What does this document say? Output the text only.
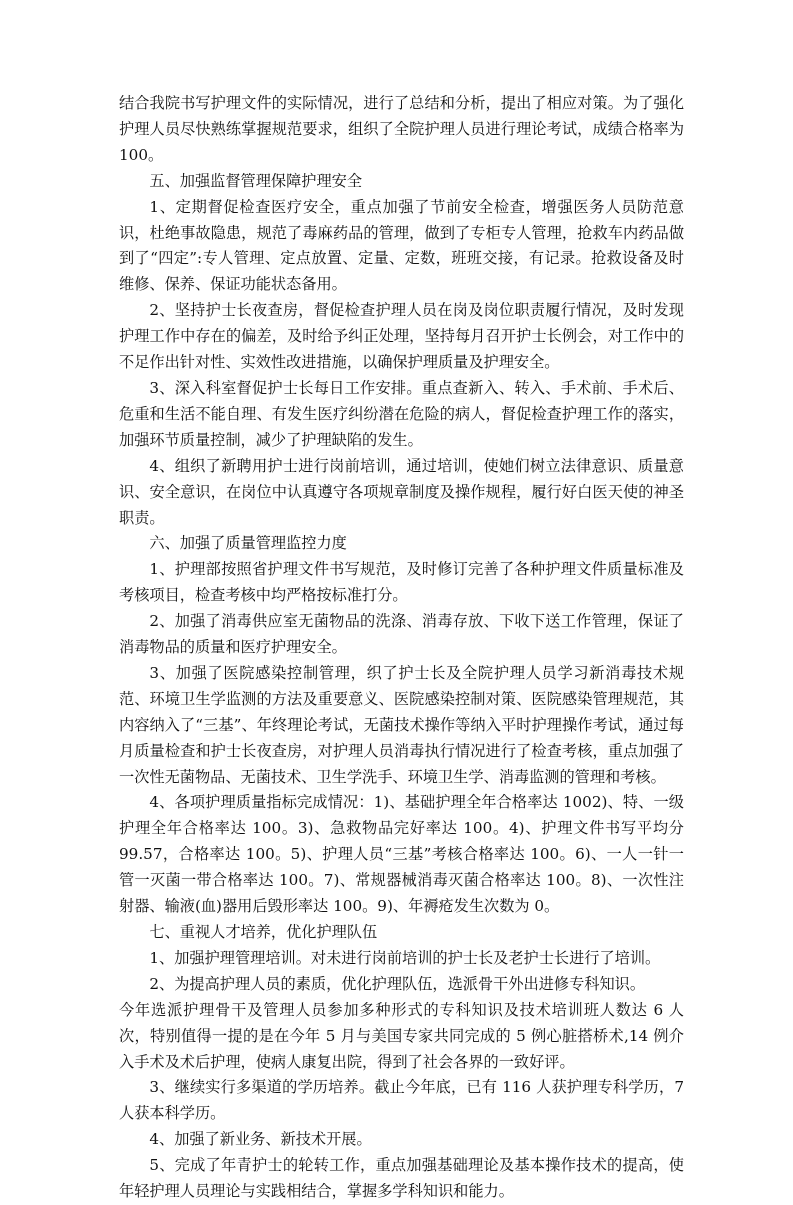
结合我院书写护理文件的实际情况，进行了总结和分析，提出了相应对策。为了强化护理人员尽快熟练掌握规范要求，组织了全院护理人员进行理论考试，成绩合格率为 100。

五、加强监督管理保障护理安全

1、定期督促检查医疗安全，重点加强了节前安全检查，增强医务人员防范意识，杜绝事故隐患，规范了毒麻药品的管理，做到了专柜专人管理，抢救车内药品做到了“四定”:专人管理、定点放置、定量、定数，班班交接，有记录。抢救设备及时维修、保养、保证功能状态备用。

2、坚持护士长夜查房，督促检查护理人员在岗及岗位职责履行情况，及时发现护理工作中存在的偏差，及时给予纠正处理，坚持每月召开护士长例会，对工作中的不足作出针对性、实效性改进措施，以确保护理质量及护理安全。

3、深入科室督促护士长每日工作安排。重点查新入、转入、手术前、手术后、危重和生活不能自理、有发生医疗纠纷潜在危险的病人，督促检查护理工作的落实，加强环节质量控制，减少了护理缺陷的发生。

4、组织了新聘用护士进行岗前培训，通过培训，使她们树立法律意识、质量意识、安全意识，在岗位中认真遵守各项规章制度及操作规程，履行好白医天使的神圣职责。

六、加强了质量管理监控力度

1、护理部按照省护理文件书写规范，及时修订完善了各种护理文件质量标准及考核项目，检查考核中均严格按标准打分。

2、加强了消毒供应室无菌物品的洗涤、消毒存放、下收下送工作管理，保证了消毒物品的质量和医疗护理安全。

3、加强了医院感染控制管理，织了护士长及全院护理人员学习新消毒技术规范、环境卫生学监测的方法及重要意义、医院感染控制对策、医院感染管理规范，其内容纳入了“三基”、年终理论考试，无菌技术操作等纳入平时护理操作考试，通过每月质量检查和护士长夜查房，对护理人员消毒执行情况进行了检查考核，重点加强了一次性无菌物品、无菌技术、卫生学洗手、环境卫生学、消毒监测的管理和考核。

4、各项护理质量指标完成情况：1)、基础护理全年合格率达 1002)、特、一级护理全年合格率达 100。3)、急救物品完好率达 100。4)、护理文件书写平均分 99.57，合格率达 100。5)、护理人员“三基”考核合格率达 100。6)、一人一针一管一灭菌一带合格率达 100。7)、常规器械消毒灭菌合格率达 100。8)、一次性注射器、输液(血)器用后毁形率达 100。9)、年褥疮发生次数为 0。

七、重视人才培养，优化护理队伍

1、加强护理管理培训。对未进行岗前培训的护士长及老护士长进行了培训。

2、为提高护理人员的素质，优化护理队伍，选派骨干外出进修专科知识。

今年选派护理骨干及管理人员参加多种形式的专科知识及技术培训班人数达 6 人次，特别值得一提的是在今年 5 月与美国专家共同完成的 5 例心脏搭桥术,14 例介入手术及术后护理，使病人康复出院，得到了社会各界的一致好评。

3、继续实行多渠道的学历培养。截止今年底，已有 116 人获护理专科学历，7 人获本科学历。

4、加强了新业务、新技术开展。

5、完成了年青护士的轮转工作，重点加强基础理论及基本操作技术的提高，使年轻护理人员理论与实践相结合，掌握多学科知识和能力。
